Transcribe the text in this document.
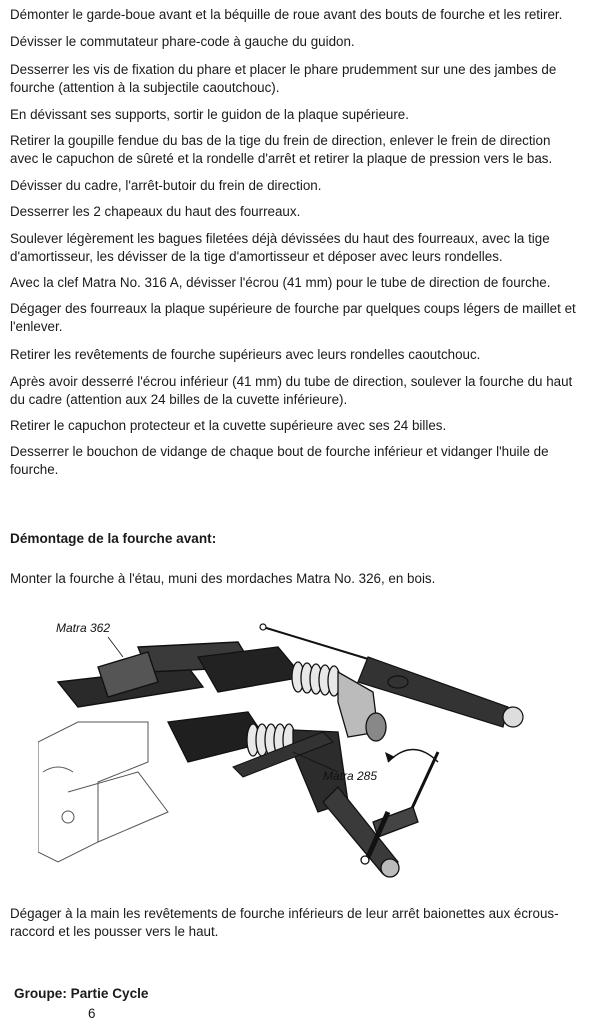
Démonter le garde-boue avant et la béquille de roue avant des bouts de fourche et les retirer.

Dévisser le commutateur phare-code à gauche du guidon.

Desserrer les vis de fixation du phare et placer le phare prudemment sur une des jambes de fourche (attention à la subjectile caoutchouc).

En dévissant ses supports, sortir le guidon de la plaque supérieure.

Retirer la goupille fendue du bas de la tige du frein de direction, enlever le frein de direction avec le capuchon de sûreté et la rondelle d'arrêt et retirer la plaque de pression vers le bas.

Dévisser du cadre, l'arrêt-butoir du frein de direction.

Desserrer les 2 chapeaux du haut des fourreaux.

Soulever légèrement les bagues filetées déjà dévissées du haut des fourreaux, avec la tige d'amortisseur, les dévisser de la tige d'amortisseur et déposer avec leurs rondelles.

Avec la clef Matra No. 316 A, dévisser l'écrou (41 mm) pour le tube de direction de fourche.

Dégager des fourreaux la plaque supérieure de fourche par quelques coups légers de maillet et l'enlever.

Retirer les revêtements de fourche supérieurs avec leurs rondelles caoutchouc.

Après avoir desserré l'écrou inférieur (41 mm) du tube de direction, soulever la fourche du haut du cadre (attention aux 24 billes de la cuvette inférieure).

Retirer le capuchon protecteur et la cuvette supérieure avec ses 24 billes.

Desserrer le bouchon de vidange de chaque bout de fourche inférieur et vidanger l'huile de fourche.

Démontage de la fourche avant:

Monter la fourche à l'étau, muni des mordaches Matra No. 326, en bois.

Matra 362
Matra 285

Dégager à la main les revêtements de fourche inférieurs de leur arrêt baionettes aux écrous-raccord et les pousser vers le haut.

Groupe: Partie Cycle

6
